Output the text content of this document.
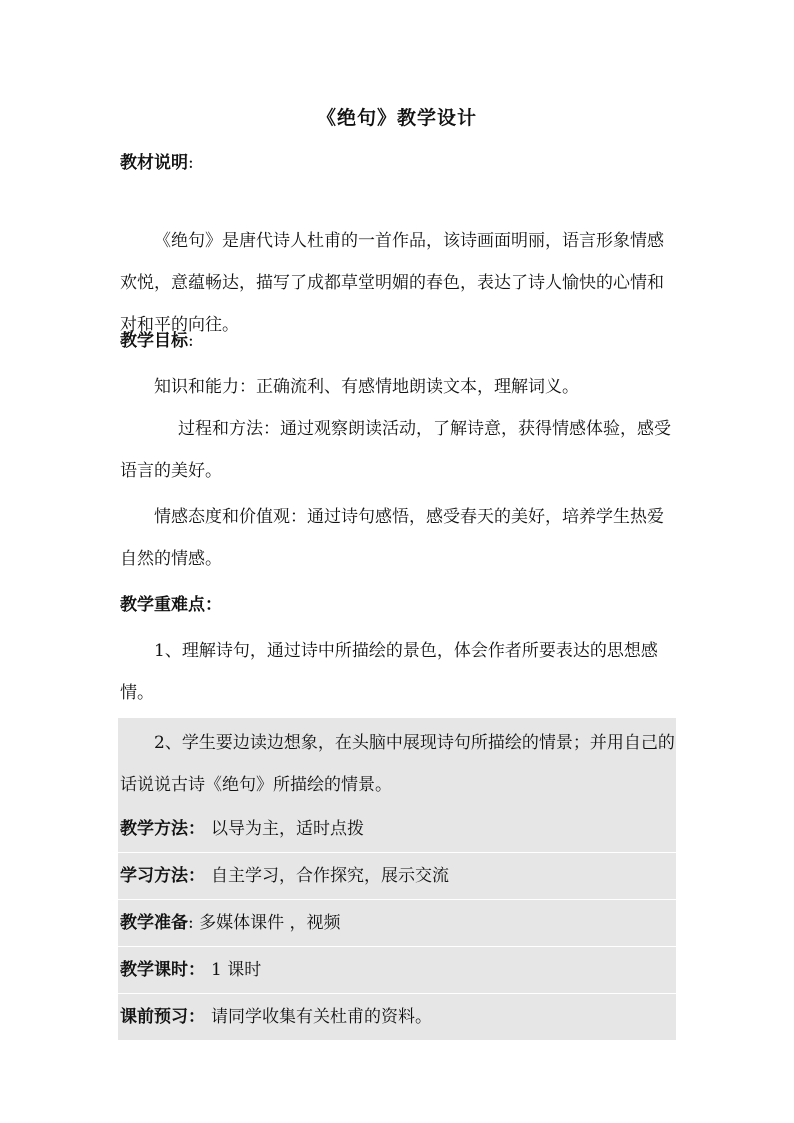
《绝句》教学设计
教材说明:
《绝句》是唐代诗人杜甫的一首作品，该诗画面明丽，语言形象情感欢悦，意蕴畅达，描写了成都草堂明媚的春色，表达了诗人愉快的心情和对和平的向往。
教学目标:
知识和能力：正确流利、有感情地朗读文本，理解词义。
过程和方法：通过观察朗读活动，了解诗意，获得情感体验，感受语言的美好。
情感态度和价值观：通过诗句感悟，感受春天的美好，培养学生热爱自然的情感。
教学重难点：
1、理解诗句，通过诗中所描绘的景色，体会作者所要表达的思想感情。
2、学生要边读边想象，在头脑中展现诗句所描绘的情景；并用自己的话说说古诗《绝句》所描绘的情景。
教学方法： 以导为主，适时点拨
学习方法： 自主学习，合作探究，展示交流
教学准备: 多媒体课件 ，视频
教学课时： 1 课时
课前预习： 请同学收集有关杜甫的资料。
